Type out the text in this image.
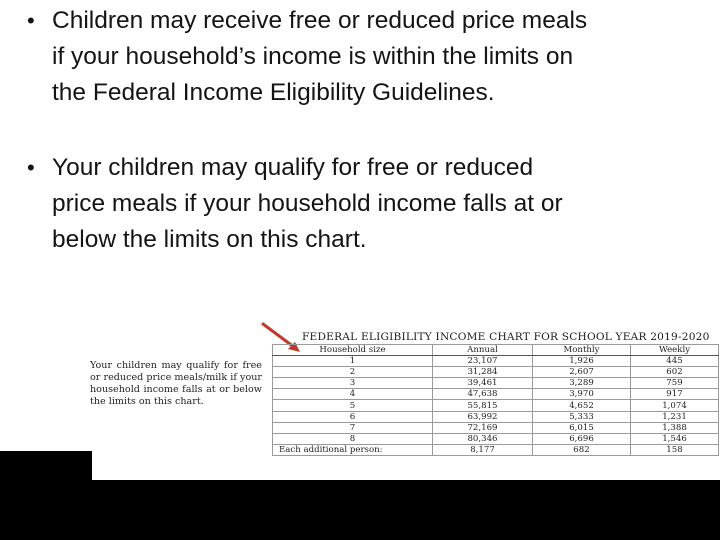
• Children may receive free or reduced price meals
if your household’s income is within the limits on
the Federal Income Eligibility Guidelines.
• Your children may qualify for free or reduced
price meals if your household income falls at or
below the limits on this chart.
Your children may qualify for free or reduced price meals/milk if your household income falls at or below the limits on this chart.
FEDERAL ELIGIBILITY INCOME CHART FOR SCHOOL YEAR 2019-2020
Household size	Annual	Monthly	Weekly
1	23,107	1,926	445
2	31,284	2,607	602
3	39,461	3,289	759
4	47,638	3,970	917
5	55,815	4,652	1,074
6	63,992	5,333	1,231
7	72,169	6,015	1,388
8	80,346	6,696	1,546
Each additional person:	8,177	682	158
